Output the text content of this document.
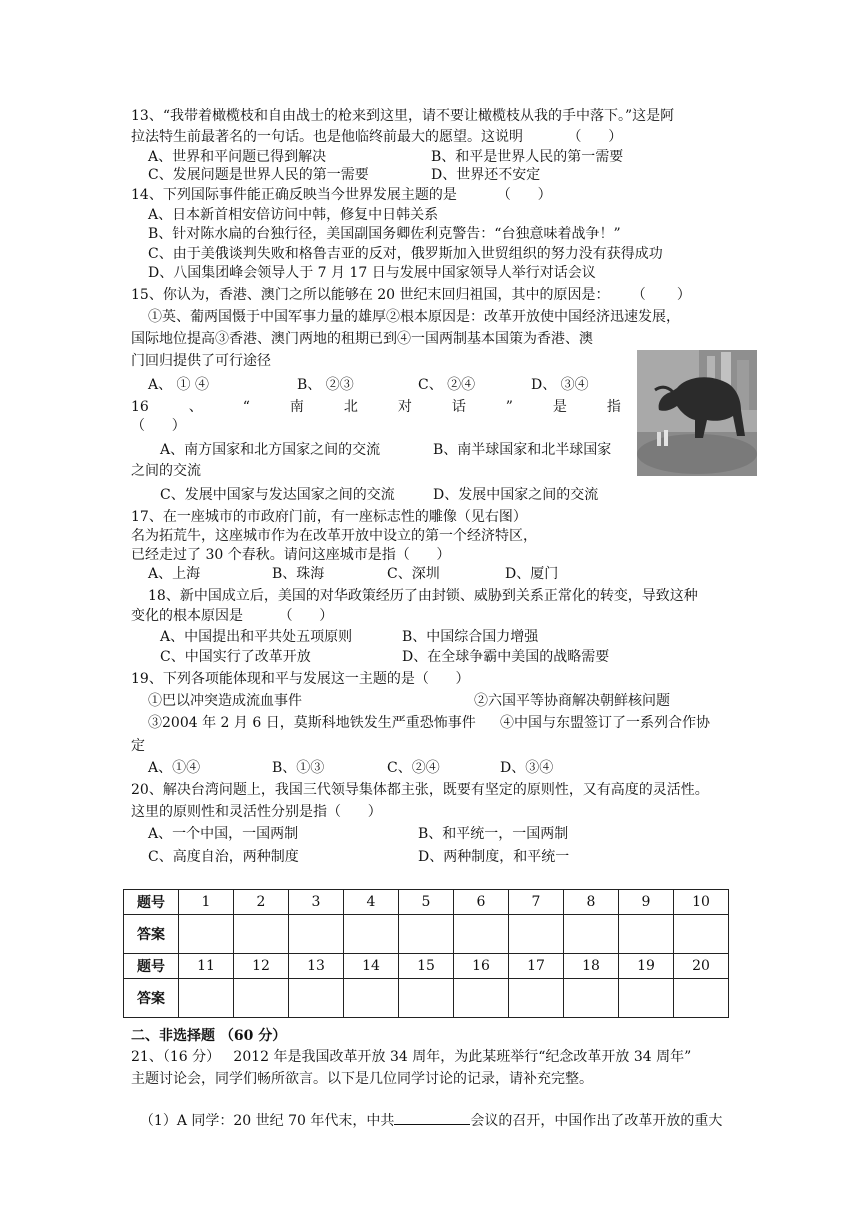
13、“我带着橄榄枝和自由战士的枪来到这里，请不要让橄榄枝从我的手中落下。”这是阿
拉法特生前最著名的一句话。也是他临终前最大的愿望。这说明          （      ）
A、世界和平问题已得到解决	B、和平是世界人民的第一需要
C、发展问题是世界人民的第一需要	D、世界还不安定
14、下列国际事件能正确反映当今世界发展主题的是         （      ）
A、日本新首相安倍访问中韩，修复中日韩关系
B、针对陈水扁的台独行径，美国副国务卿佐利克警告：“台独意味着战争！”
C、由于美俄谈判失败和格鲁吉亚的反对，俄罗斯加入世贸组织的努力没有获得成功
D、八国集团峰会领导人于 7 月 17 日与发展中国家领导人举行对话会议
15、你认为，香港、澳门之所以能够在 20 世纪末回归祖国，其中的原因是：     （       ）
①英、葡两国慑于中国军事力量的雄厚②根本原因是：改革开放使中国经济迅速发展，
国际地位提高③香港、澳门两地的租期已到④一国两制基本国策为香港、澳
门回归提供了可行途径
A、 ① ④	B、 ②③	C、 ②④	D、 ③④
16	、	“	南	北	对	话	”	是	指
（      ）
A、南方国家和北方国家之间的交流	B、南半球国家和北半球国家
之间的交流
C、发展中国家与发达国家之间的交流	D、发展中国家之间的交流
17、在一座城市的市政府门前，有一座标志性的雕像（见右图）
名为拓荒牛，这座城市作为在改革开放中设立的第一个经济特区，
已经走过了 30 个春秋。请问这座城市是指（      ）
A、上海	B、珠海	C、深圳	D、厦门
18、新中国成立后，美国的对华政策经历了由封锁、威胁到关系正常化的转变，导致这种
变化的根本原因是        （      ）
A、中国提出和平共处五项原则	B、中国综合国力增强
C、中国实行了改革开放	D、在全球争霸中美国的战略需要
19、下列各项能体现和平与发展这一主题的是（      ）
①巴以冲突造成流血事件	②六国平等协商解决朝鲜核问题
③2004 年 2 月 6 日，莫斯科地铁发生严重恐怖事件 ④中国与东盟签订了一系列合作协
定
A、①④	B、①③	C、②④	D、③④
20、解决台湾问题上，我国三代领导集体都主张，既要有坚定的原则性，又有高度的灵活性。
这里的原则性和灵活性分别是指（      ）
A、一个中国，一国两制	B、和平统一，一国两制
C、高度自治，两种制度	D、两种制度，和平统一
题号	1	2	3	4	5	6	7	8	9	10
答案										
题号	11	12	13	14	15	16	17	18	19	20
答案										
二、非选择题 （60 分）
21、（16 分）   2012 年是我国改革开放 34 周年，为此某班举行“纪念改革开放 34 周年”
主题讨论会，同学们畅所欲言。以下是几位同学讨论的记录，请补充完整。

（1）A 同学：20 世纪 70 年代末，中共	会议的召开，中国作出了改革开放的重大
